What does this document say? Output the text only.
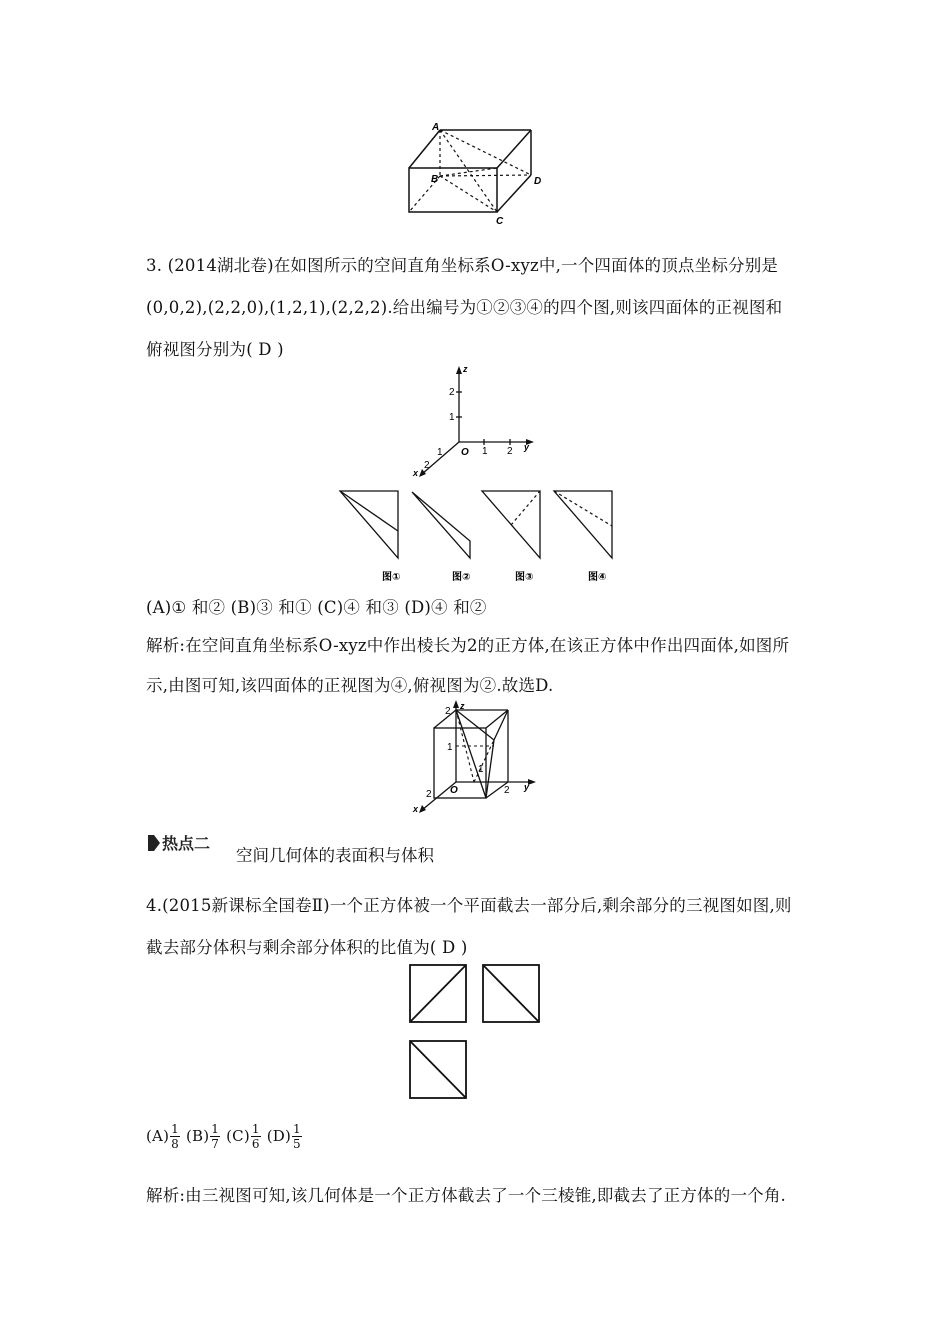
A
B
C
D
3. (2014湖北卷)在如图所示的空间直角坐标系O-xyz中,一个四面体的顶点坐标分别是
(0,0,2),(2,2,0),(1,2,1),(2,2,2).给出编号为①②③④的四个图,则该四面体的正视图和
俯视图分别为( D )
z
2
1
O 1 2 y
1
2
x
图①	图②	图③	图④
(A)① 和② (B)③ 和① (C)④ 和③ (D)④ 和②
解析:在空间直角坐标系O-xyz中作出棱长为2的正方体,在该正方体中作出四面体,如图所
示,由图可知,该四面体的正视图为④,俯视图为②.故选D.
z
2
1
1
O
2	2 y
x
热点二
空间几何体的表面积与体积
4.(2015新课标全国卷Ⅱ)一个正方体被一个平面截去一部分后,剩余部分的三视图如图,则
截去部分体积与剩余部分体积的比值为( D )
$(A) \frac{1}{8} (B) \frac{1}{7} (C) \frac{1}{6} (D) \frac{1}{5}$
解析:由三视图可知,该几何体是一个正方体截去了一个三棱锥,即截去了正方体的一个角.
